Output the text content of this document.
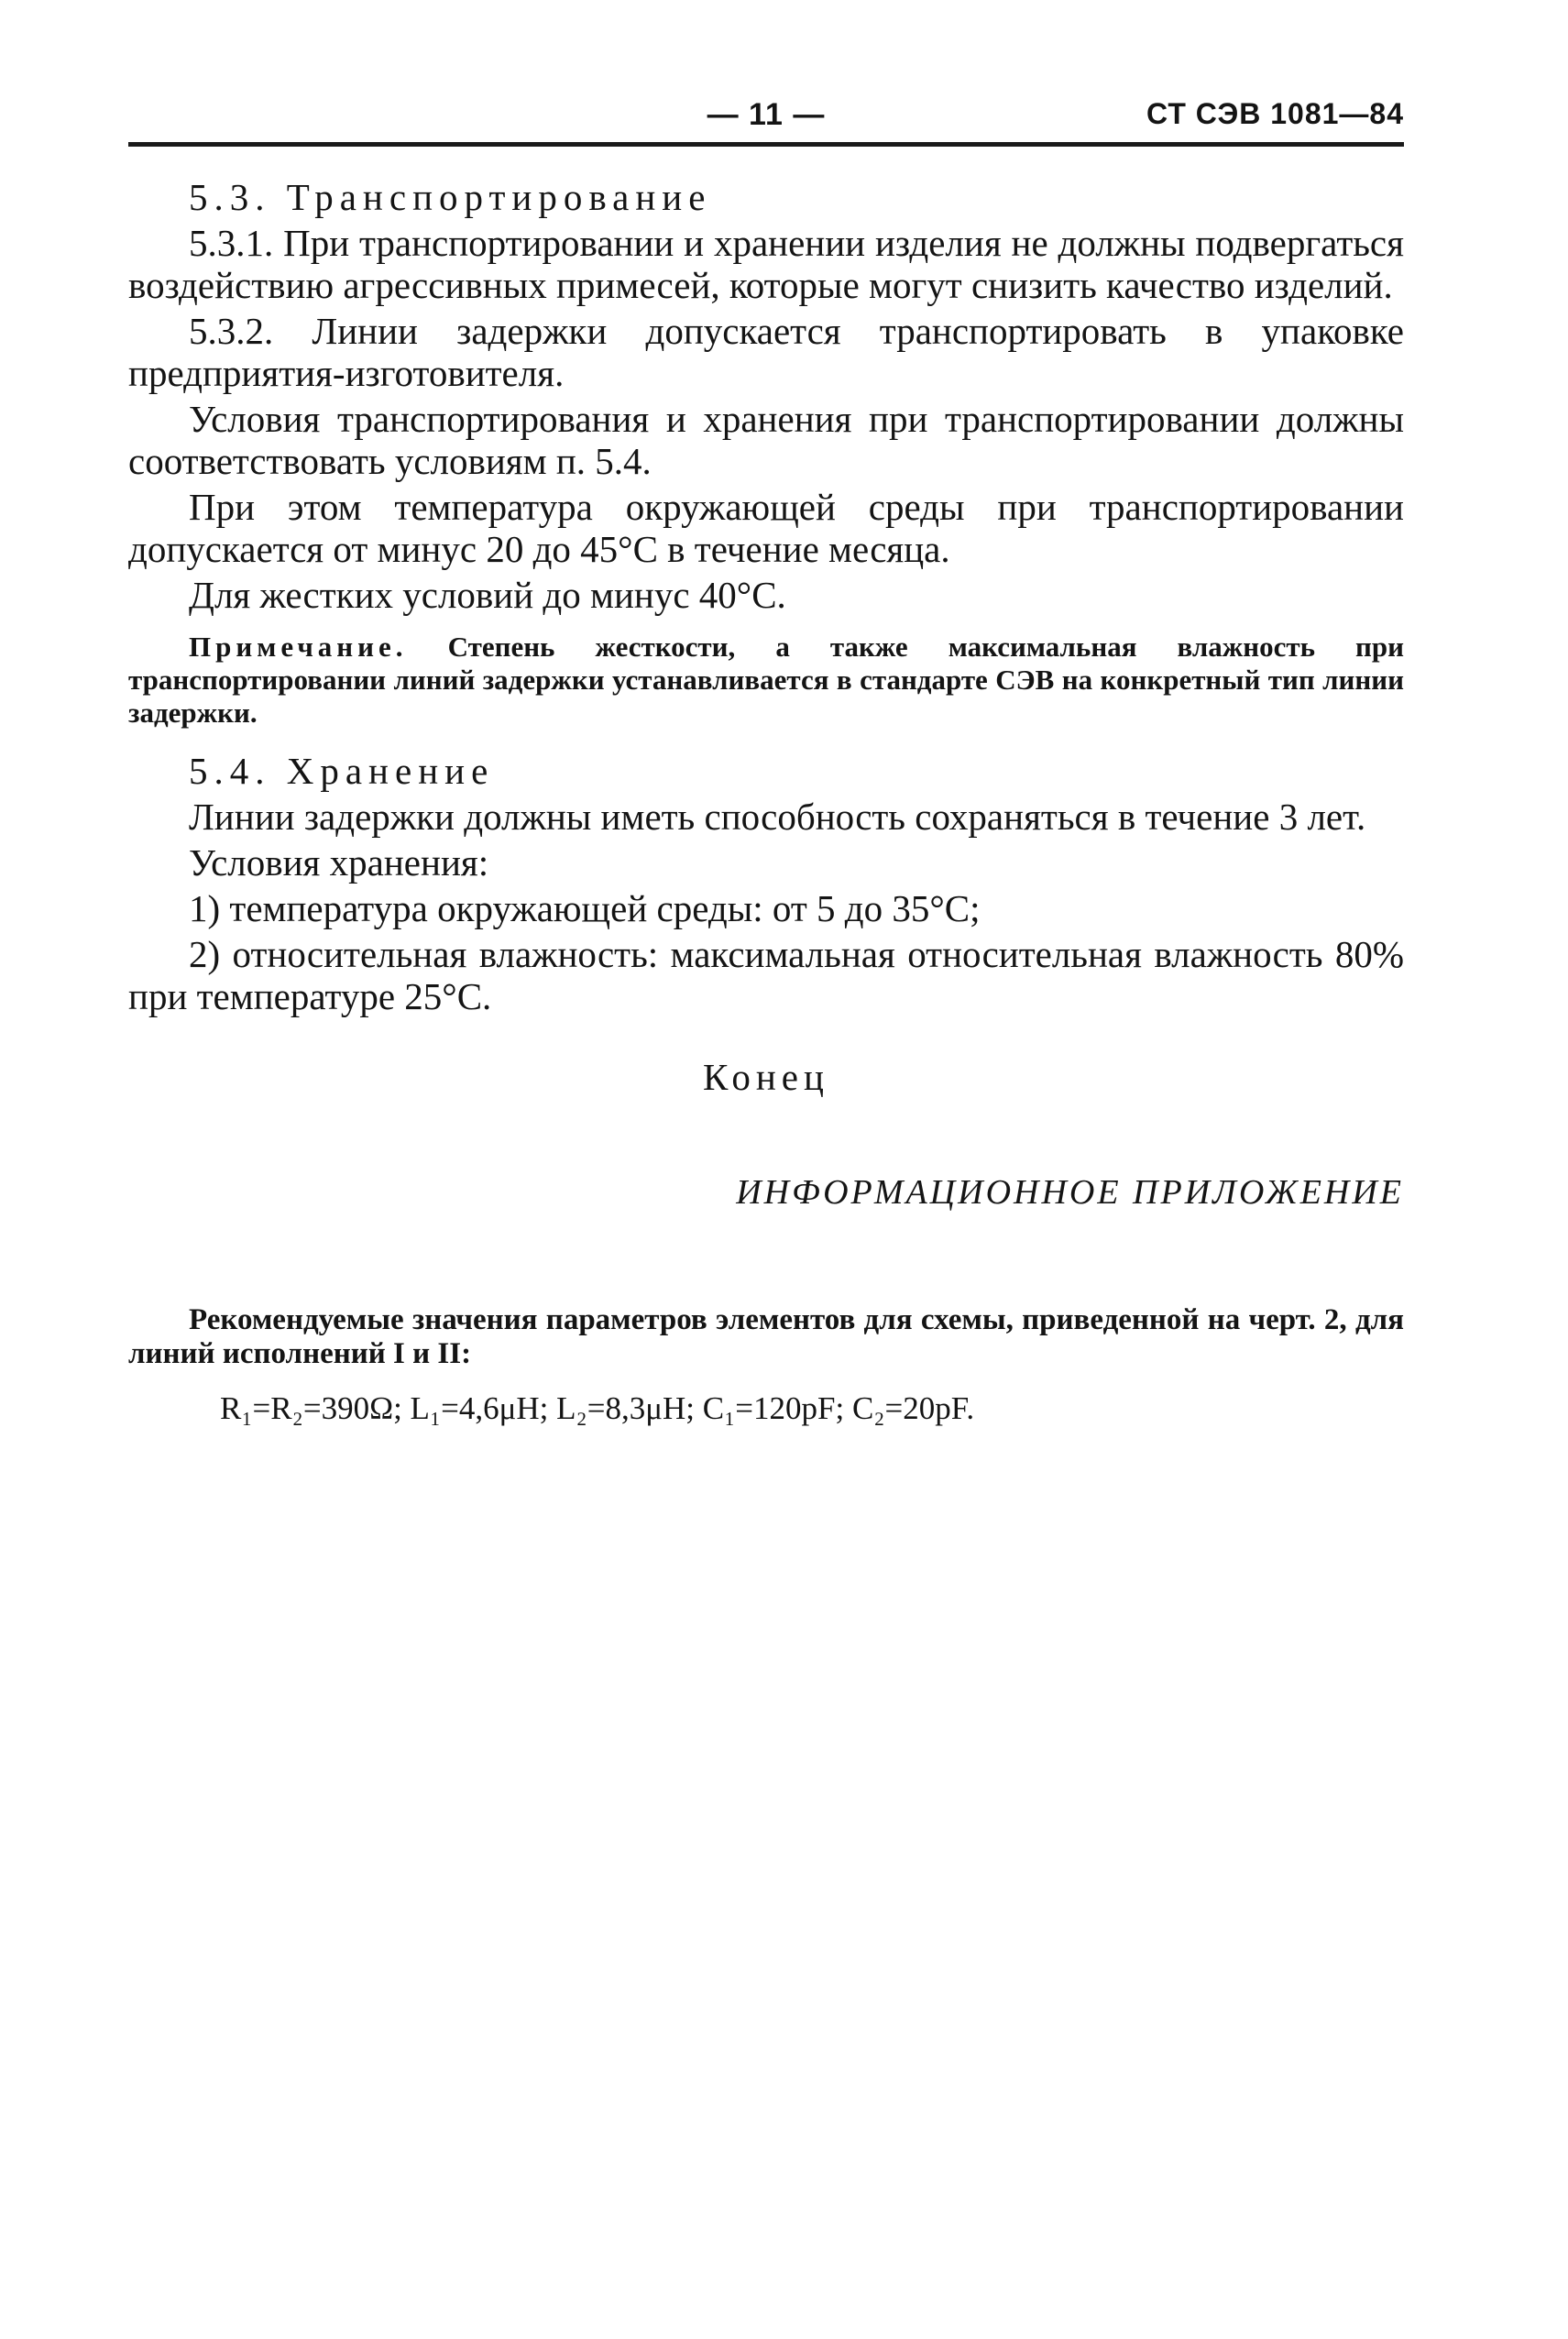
— 11 —	СТ СЭВ 1081—84

5.3. Транспортирование

5.3.1. При транспортировании и хранении изделия не должны подвергаться воздействию агрессивных примесей, которые могут снизить качество изделий.

5.3.2. Линии задержки допускается транспортировать в упаковке предприятия-изготовителя.

Условия транспортирования и хранения при транспортировании должны соответствовать условиям п. 5.4.

При этом температура окружающей среды при транспортировании допускается от минус 20 до 45°C в течение месяца.

Для жестких условий до минус 40°C.

Примечание. Степень жесткости, а также максимальная влажность при транспортировании линий задержки устанавливается в стандарте СЭВ на конкретный тип линии задержки.

5.4. Хранение

Линии задержки должны иметь способность сохраняться в течение 3 лет.

Условия хранения:

1) температура окружающей среды: от 5 до 35°C;

2) относительная влажность: максимальная относительная влажность 80% при температуре 25°C.

Конец

ИНФОРМАЦИОННОЕ ПРИЛОЖЕНИЕ

Рекомендуемые значения параметров элементов для схемы, приведенной на черт. 2, для линий исполнений I и II:

R₁=R₂=390Ω; L₁=4,6μH; L₂=8,3μH; C₁=120pF; C₂=20pF.
